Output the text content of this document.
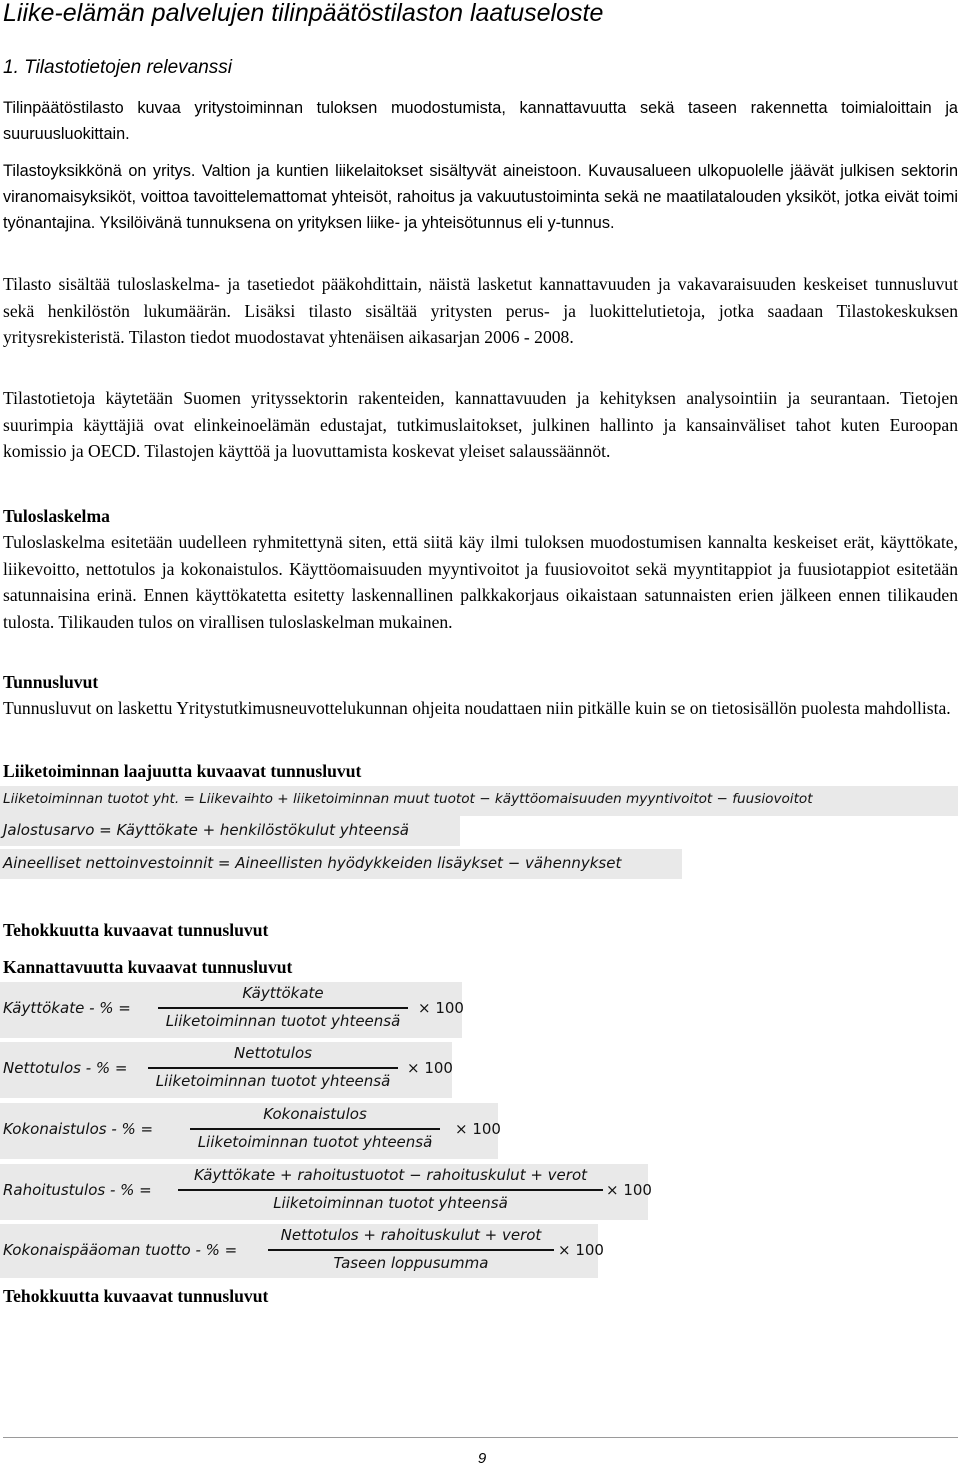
Liike-elämän palvelujen tilinpäätöstilaston laatuseloste
1. Tilastotietojen relevanssi

Tilinpäätöstilasto kuvaa yritystoiminnan tuloksen muodostumista, kannattavuutta sekä taseen rakennetta toimialoittain ja suuruusluokittain.

Tilastoyksikkönä on yritys. Valtion ja kuntien liikelaitokset sisältyvät aineistoon. Kuvausalueen ulkopuolelle jäävät julkisen sektorin viranomaisyksiköt, voittoa tavoittelemattomat yhteisöt, rahoitus ja vakuutustoiminta sekä ne maatilatalouden yksiköt, jotka eivät toimi työnantajina. Yksilöivänä tunnuksena on yrityksen liike- ja yhteisötunnus eli y-tunnus.

Tilasto sisältää tuloslaskelma- ja tasetiedot pääkohdittain, näistä lasketut kannattavuuden ja vakavaraisuuden keskeiset tunnusluvut sekä henkilöstön lukumäärän. Lisäksi tilasto sisältää yritysten perus- ja luokittelutietoja, jotka saadaan Tilastokeskuksen yritysrekisteristä. Tilaston tiedot muodostavat yhtenäisen aikasarjan 2006 - 2008.

Tilastotietoja käytetään Suomen yrityssektorin rakenteiden, kannattavuuden ja kehityksen analysointiin ja seurantaan. Tietojen suurimpia käyttäjiä ovat elinkeinoelämän edustajat, tutkimuslaitokset, julkinen hallinto ja kansainväliset tahot kuten Euroopan komissio ja OECD. Tilastojen käyttöä ja luovuttamista koskevat yleiset salaussäännöt.

Tuloslaskelma

Tuloslaskelma esitetään uudelleen ryhmitettynä siten, että siitä käy ilmi tuloksen muodostumisen kannalta keskeiset erät, käyttökate, liikevoitto, nettotulos ja kokonaistulos. Käyttöomaisuuden myyntivoitot ja fuusiovoitot sekä myyntitappiot ja fuusiotappiot esitetään satunnaisina erinä. Ennen käyttökatetta esitetty laskennallinen palkkakorjaus oikaistaan satunnaisten erien jälkeen ennen tilikauden tulosta. Tilikauden tulos on virallisen tuloslaskelman mukainen.

Tunnusluvut

Tunnusluvut on laskettu Yritystutkimusneuvottelukunnan ohjeita noudattaen niin pitkälle kuin se on tietosisällön puolesta mahdollista.

Liiketoiminnan laajuutta kuvaavat tunnusluvut
Liiketoiminnan tuotot yht. = Liikevaihto + liiketoiminnan muut tuotot − käyttöomaisuuden myyntivoitot − fuusiovoitot
Jalostusarvo = Käyttökate + henkilöstökulut yhteensä
Aineelliset nettoinvestoinnit = Aineellisten hyödykkeiden lisäykset − vähennykset
Tehokkuutta kuvaavat tunnusluvut
Kannattavuutta kuvaavat tunnusluvut
Käyttökate - % =
Käyttökate
Liiketoiminnan tuotot yhteensä
× 100
Nettotulos - % =
Nettotulos
Liiketoiminnan tuotot yhteensä
× 100
Kokonaistulos - % =
Kokonaistulos
Liiketoiminnan tuotot yhteensä
× 100
Rahoitustulos - % =
Käyttökate + rahoitustuotot − rahoituskulut + verot
Liiketoiminnan tuotot yhteensä
× 100
Kokonaispääoman tuotto - % =
Nettotulos + rahoituskulut + verot
Taseen loppusumma
× 100
Tehokkuutta kuvaavat tunnusluvut
9
